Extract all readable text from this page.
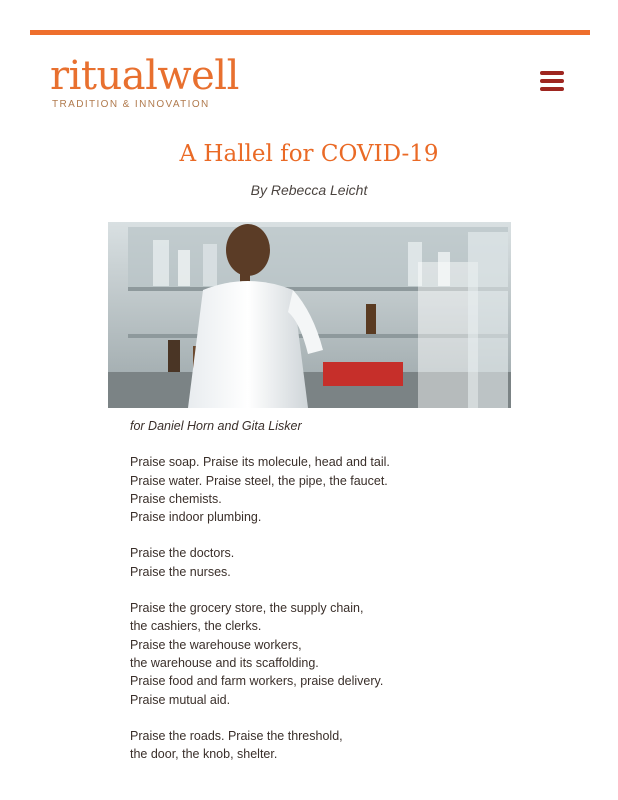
ritualwell
TRADITION & INNOVATION
A Hallel for COVID-19
By Rebecca Leicht
for Daniel Horn and Gita Lisker
Praise soap. Praise its molecule, head and tail.
Praise water. Praise steel, the pipe, the faucet.
Praise chemists.
Praise indoor plumbing.
Praise the doctors.
Praise the nurses.
Praise the grocery store, the supply chain,
the cashiers, the clerks.
Praise the warehouse workers,
the warehouse and its scaffolding.
Praise food and farm workers, praise delivery.
Praise mutual aid.
Praise the roads. Praise the threshold,
the door, the knob, shelter.
